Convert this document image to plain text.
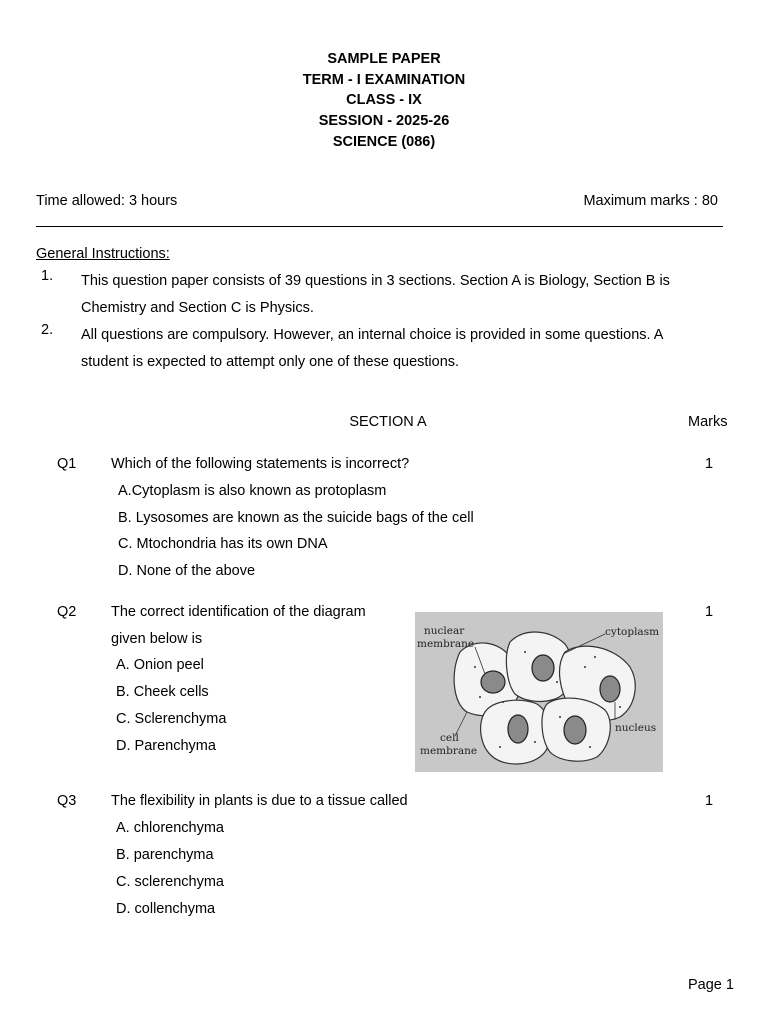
SAMPLE PAPER
TERM - I EXAMINATION
CLASS - IX
SESSION - 2025-26
SCIENCE (086)
Time allowed: 3 hours	Maximum marks : 80
General Instructions:
1. This question paper consists of 39 questions in 3 sections. Section A is Biology, Section B is Chemistry and Section C is Physics.
2. All questions are compulsory. However, an internal choice is provided in some questions. A student is expected to attempt only one of these questions.
SECTION A	Marks
Q1 Which of the following statements is incorrect?	1
A.Cytoplasm is also known as protoplasm
B. Lysosomes are known as the suicide bags of the cell
C. Mtochondria has its own DNA
D. None of the above
Q2 The correct identification of the diagram	1
given below is
A. Onion peel
B. Cheek cells
C. Sclerenchyma
D. Parenchyma
nuclear
membrane
cytoplasm
nucleus
cell
membrane
Q3 The flexibility in plants is due to a tissue called	1
A. chlorenchyma
B. parenchyma
C. sclerenchyma
D. collenchyma
Page 1
